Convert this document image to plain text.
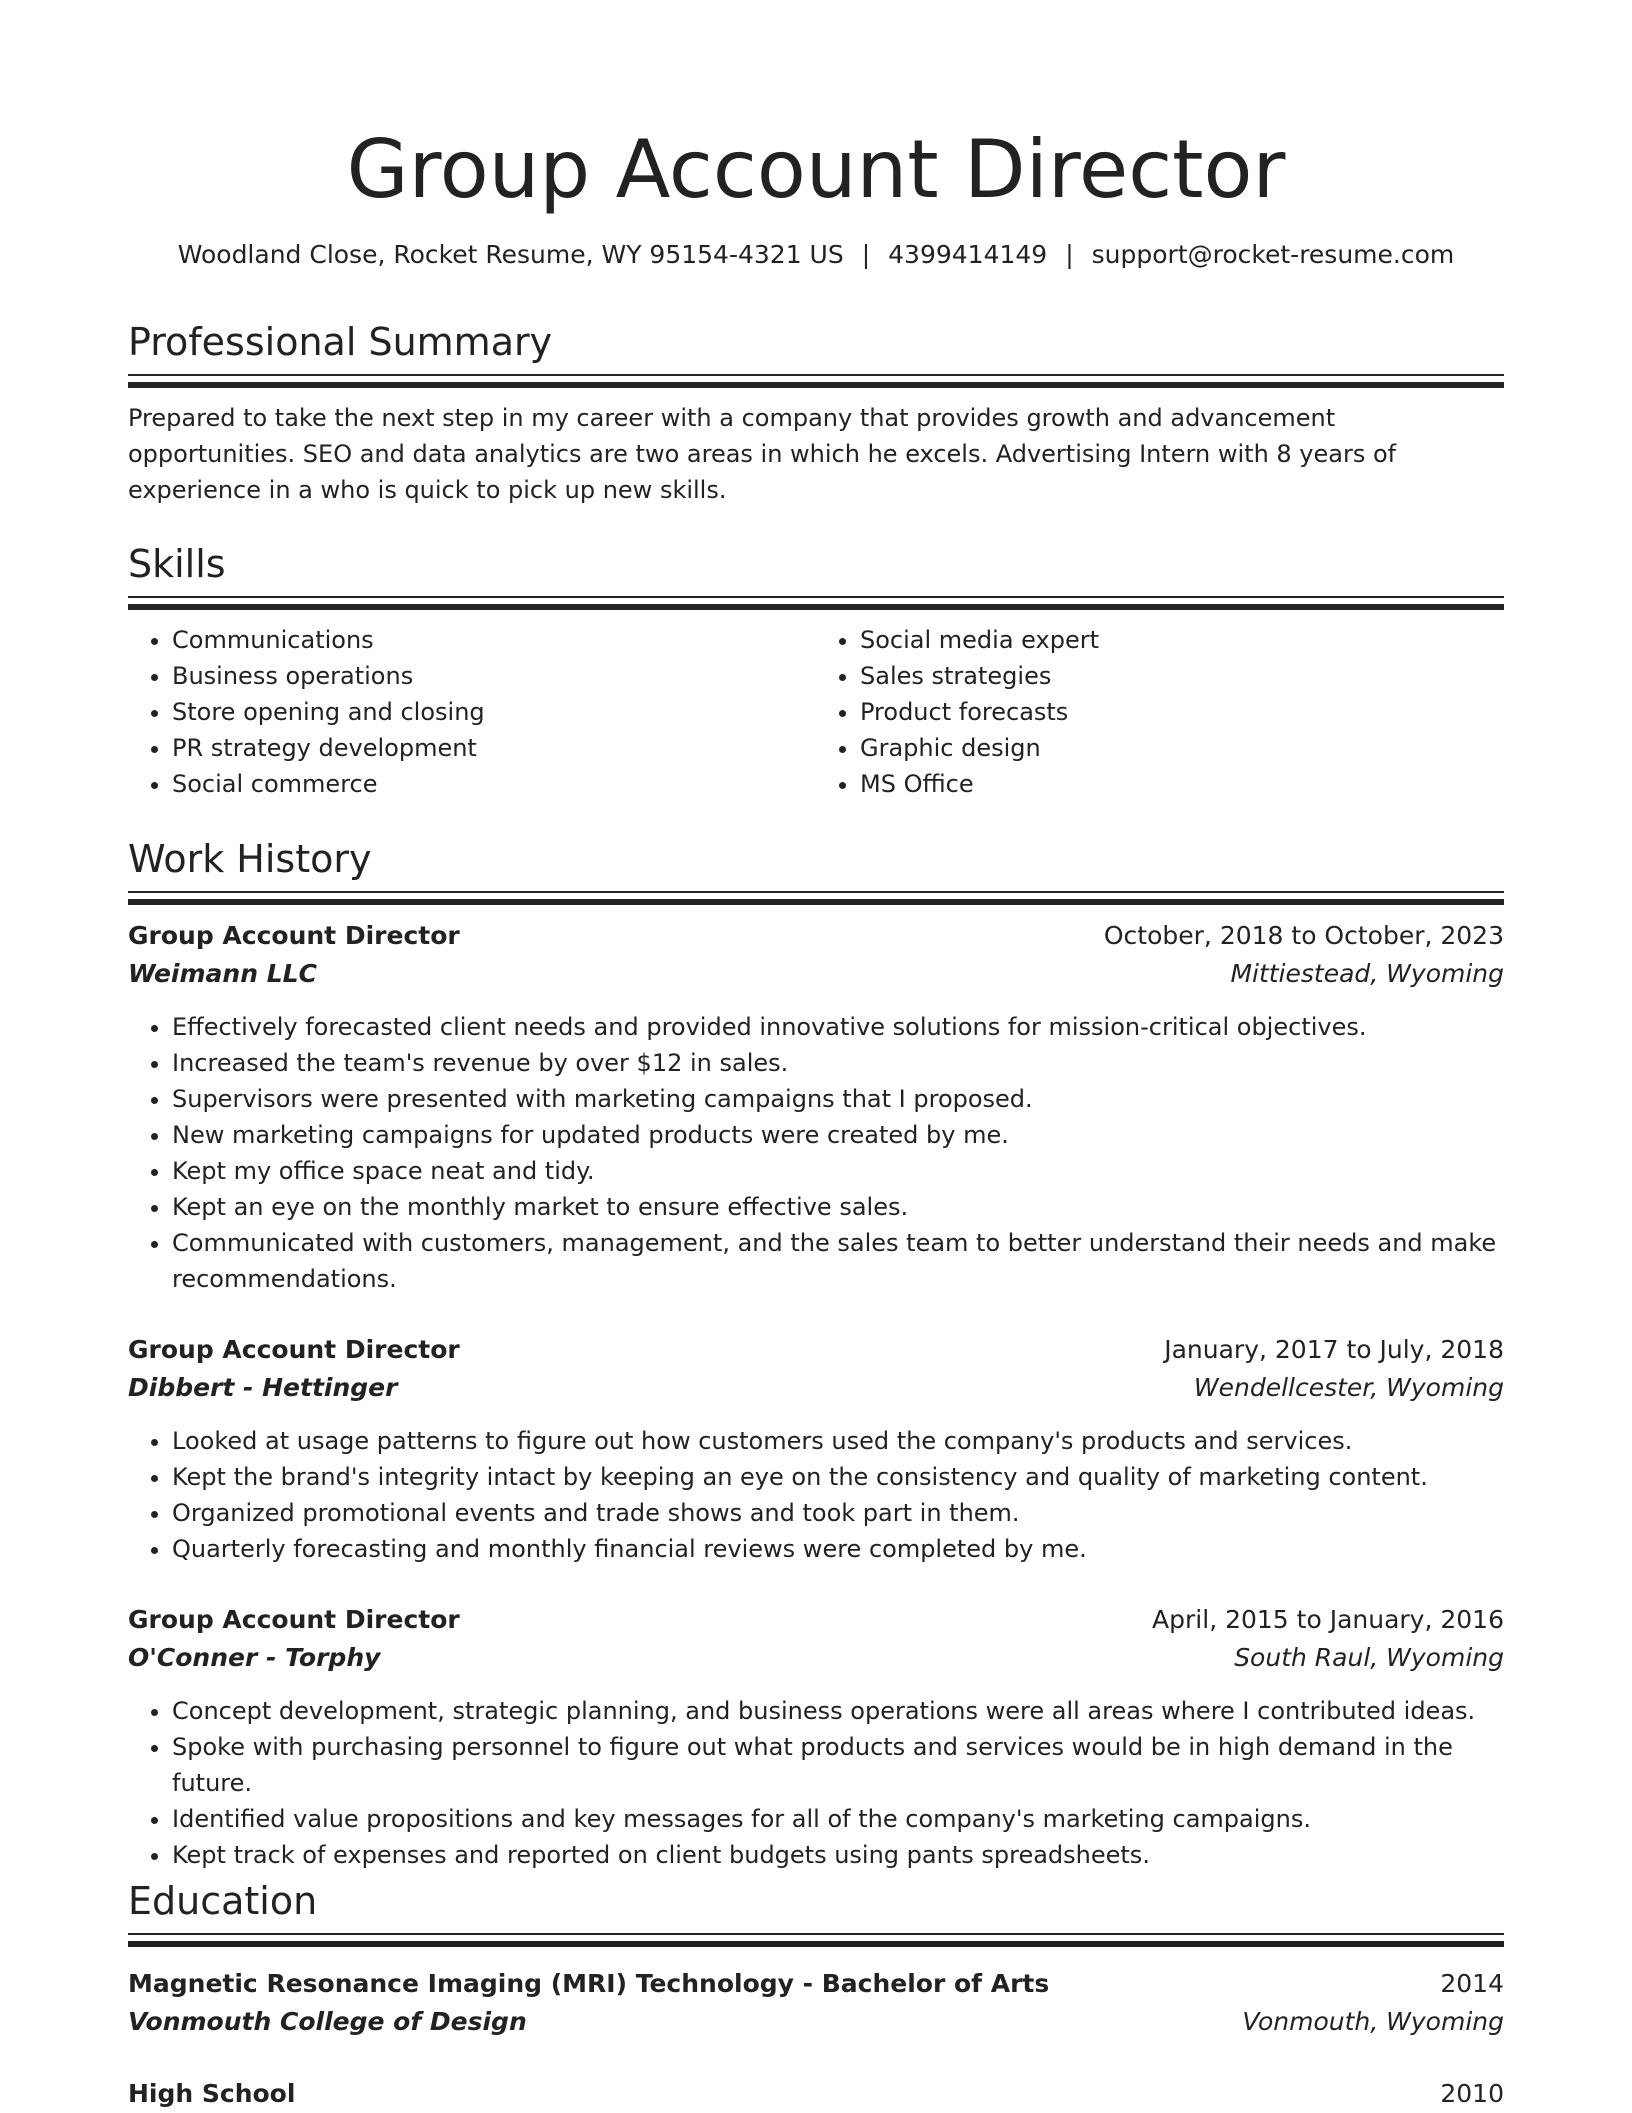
Group Account Director
Woodland Close, Rocket Resume, WY 95154-4321 US | 4399414149 | support@rocket-resume.com
Professional Summary

Prepared to take the next step in my career with a company that provides growth and advancement opportunities. SEO and data analytics are two areas in which he excels. Advertising Intern with 8 years of experience in a who is quick to pick up new skills.

Skills
• Communications
• Business operations
• Store opening and closing
• PR strategy development
• Social commerce
• Social media expert
• Sales strategies
• Product forecasts
• Graphic design
• MS Office
Work History
Group Account Director	October, 2018 to October, 2023
Weimann LLC	Mittiestead, Wyoming
• Effectively forecasted client needs and provided innovative solutions for mission-critical objectives.
• Increased the team's revenue by over $12 in sales.
• Supervisors were presented with marketing campaigns that I proposed.
• New marketing campaigns for updated products were created by me.
• Kept my office space neat and tidy.
• Kept an eye on the monthly market to ensure effective sales.
• Communicated with customers, management, and the sales team to better understand their needs and make recommendations.
Group Account Director	January, 2017 to July, 2018
Dibbert - Hettinger	Wendellcester, Wyoming
• Looked at usage patterns to figure out how customers used the company's products and services.
• Kept the brand's integrity intact by keeping an eye on the consistency and quality of marketing content.
• Organized promotional events and trade shows and took part in them.
• Quarterly forecasting and monthly financial reviews were completed by me.
Group Account Director	April, 2015 to January, 2016
O'Conner - Torphy	South Raul, Wyoming
• Concept development, strategic planning, and business operations were all areas where I contributed ideas.
• Spoke with purchasing personnel to figure out what products and services would be in high demand in the future.
• Identified value propositions and key messages for all of the company's marketing campaigns.
• Kept track of expenses and reported on client budgets using pants spreadsheets.
Education
Magnetic Resonance Imaging (MRI) Technology - Bachelor of Arts	2014
Vonmouth College of Design	Vonmouth, Wyoming
High School	2010
